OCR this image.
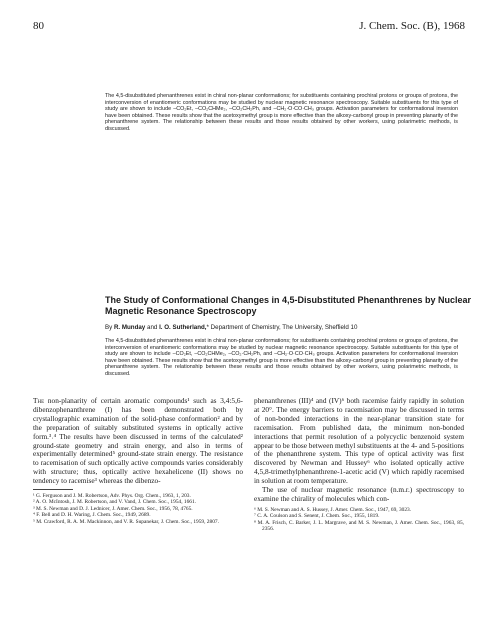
80	J. Chem. Soc. (B), 1968

The 4,5-disubstituted phenanthrenes exist in chiral non-planar conformations; for substituents containing prochiral protons or groups of protons, the interconversion of enantiomeric conformations may be studied by nuclear magnetic resonance spectroscopy. Suitable substituents for this type of study are shown to include –CO₂Et, –CO₂CHMe₂, –CO₂CH₂Ph, and –CH₂·O·CO·CH₃ groups. Activation parameters for conformational inversion have been obtained. These results show that the acetoxymethyl group is more effective than the alkoxy-carbonyl group in preventing planarity of the phenanthrene system. The relationship between these results and those results obtained by other workers, using polarimetric methods, is discussed.

The Study of Conformational Changes in 4,5-Disubstituted Phenanthrenes by Nuclear Magnetic Resonance Spectroscopy
By R. Munday and I. O. Sutherland,* Department of Chemistry, The University, Sheffield 10

The 4,5-disubstituted phenanthrenes exist in chiral non-planar conformations; for substituents containing prochiral protons or groups of protons, the interconversion of enantiomeric conformations may be studied by nuclear magnetic resonance spectroscopy. Suitable substituents for this type of study are shown to include –CO₂Et, –CO₂CHMe₂, –CO₂·CH₂Ph, and –CH₂·O·CO·CH₃ groups. Activation parameters for conformational inversion have been obtained. These results show that the acetoxymethyl group is more effective than the alkoxy-carbonyl group in preventing planarity of the phenanthrene system. The relationship between these results and those results obtained by other workers, using polarimetric methods, is discussed.

The non-planarity of certain aromatic compounds¹ such as 3,4:5,6-dibenzophenanthrene (I) has been demonstrated both by crystallographic examination of the solid-phase conformation² and by the preparation of suitably substituted systems in optically active form.³˒⁴ The results have been discussed in terms of the calculated² ground-state geometry and strain energy, and also in terms of experimentally determined⁵ ground-state strain energy. The resistance to racemisation of such optically active compounds varies considerably with structure; thus, optically active hexahelicene (II) shows no tendency to racemise³ whereas the dibenzo-

¹ G. Ferguson and J. M. Robertson, Adv. Phys. Org. Chem., 1963, 1, 203.
² A. O. McIntosh, J. M. Robertson, and V. Vand, J. Chem. Soc., 1954, 1661.
³ M. S. Newman and D. J. Lednicer, J. Amer. Chem. Soc., 1956, 78, 4765.
⁴ F. Bell and D. H. Waring, J. Chem. Soc., 1949, 2689.
⁵ M. Crawford, R. A. M. Mackinnon, and V. R. Supanekar, J. Chem. Soc., 1959, 2807.

phenanthrenes (III)⁴ and (IV)⁶ both racemise fairly rapidly in solution at 20°. The energy barriers to racemisation may be discussed in terms of non-bonded interactions in the near-planar transition state for racemisation. From published data, the minimum non-bonded interactions that permit resolution of a polycyclic benzenoid system appear to be those between methyl substituents at the 4- and 5-positions of the phenanthrene system. This type of optical activity was first discovered by Newman and Hussey⁶ who isolated optically active 4,5,8-trimethylphenanthrene-1-acetic acid (V) which rapidly racemised in solution at room temperature.

The use of nuclear magnetic resonance (n.m.r.) spectroscopy to examine the chirality of molecules which con-

⁶ M. S. Newman and A. S. Hussey, J. Amer. Chem. Soc., 1947, 69, 3023.
⁷ C. A. Coulson and S. Senent, J. Chem. Soc., 1955, 1819.
⁸ M. A. Frisch, C. Barker, J. L. Margrave, and M. S. Newman, J. Amer. Chem. Soc., 1963, 85, 2356.
